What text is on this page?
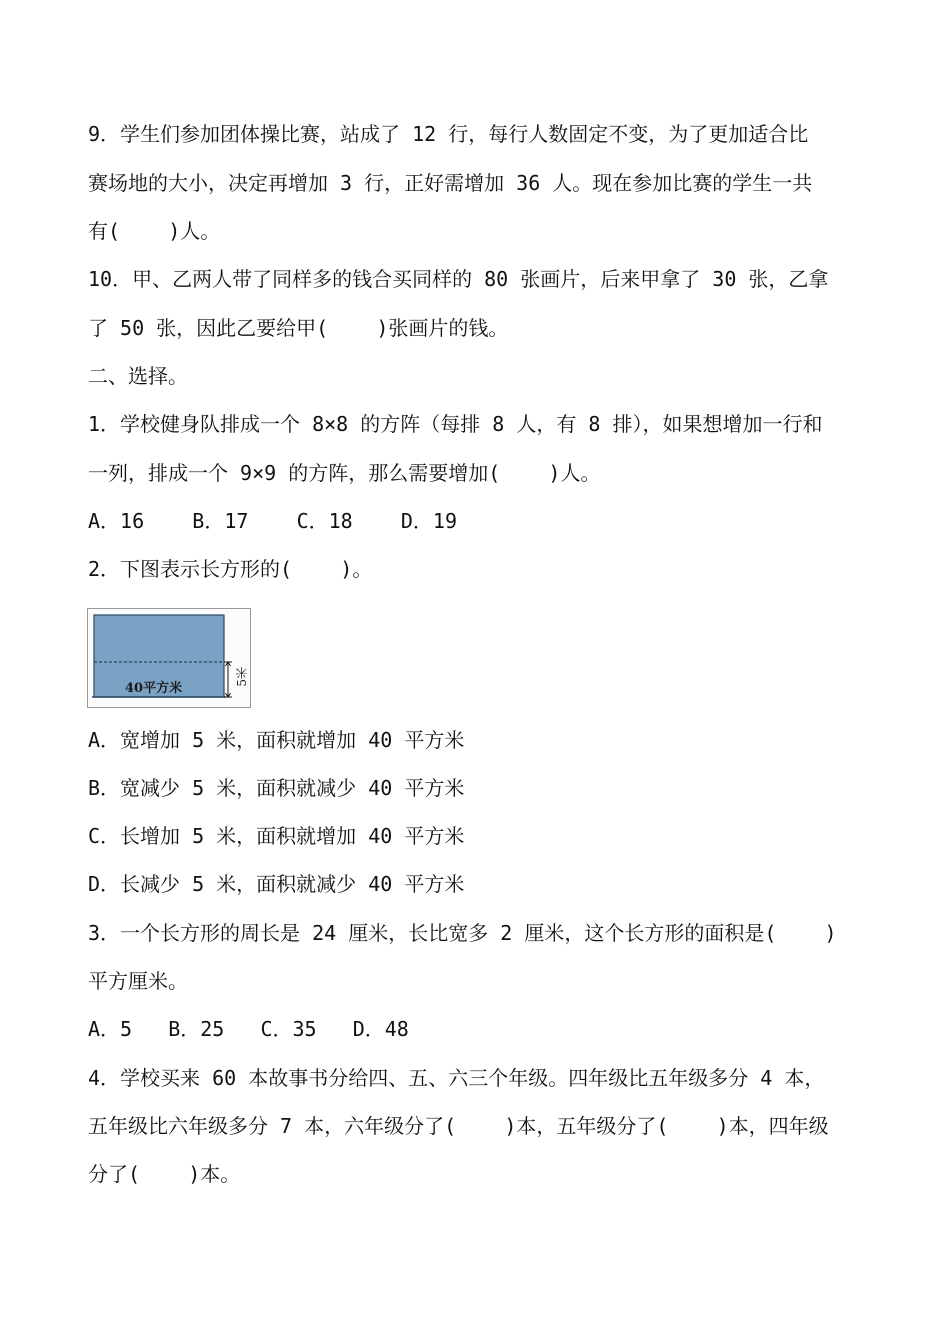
9．学生们参加团体操比赛，站成了 12 行，每行人数固定不变，为了更加适合比
赛场地的大小，决定再增加 3 行，正好需增加 36 人。现在参加比赛的学生一共
有(    )人。
10．甲、乙两人带了同样多的钱合买同样的 80 张画片，后来甲拿了 30 张，乙拿
了 50 张，因此乙要给甲(    )张画片的钱。
二、选择。
1．学校健身队排成一个 8×8 的方阵（每排 8 人，有 8 排），如果想增加一行和
一列，排成一个 9×9 的方阵，那么需要增加(    )人。
A．16    B．17    C．18    D．19
2．下图表示长方形的(    )。
40平方米
5米
A．宽增加 5 米，面积就增加 40 平方米
B．宽减少 5 米，面积就减少 40 平方米
C．长增加 5 米，面积就增加 40 平方米
D．长减少 5 米，面积就减少 40 平方米
3．一个长方形的周长是 24 厘米，长比宽多 2 厘米，这个长方形的面积是(    )
平方厘米。
A．5   B．25   C．35   D．48
4．学校买来 60 本故事书分给四、五、六三个年级。四年级比五年级多分 4 本，
五年级比六年级多分 7 本，六年级分了(    )本，五年级分了(    )本，四年级
分了(    )本。
